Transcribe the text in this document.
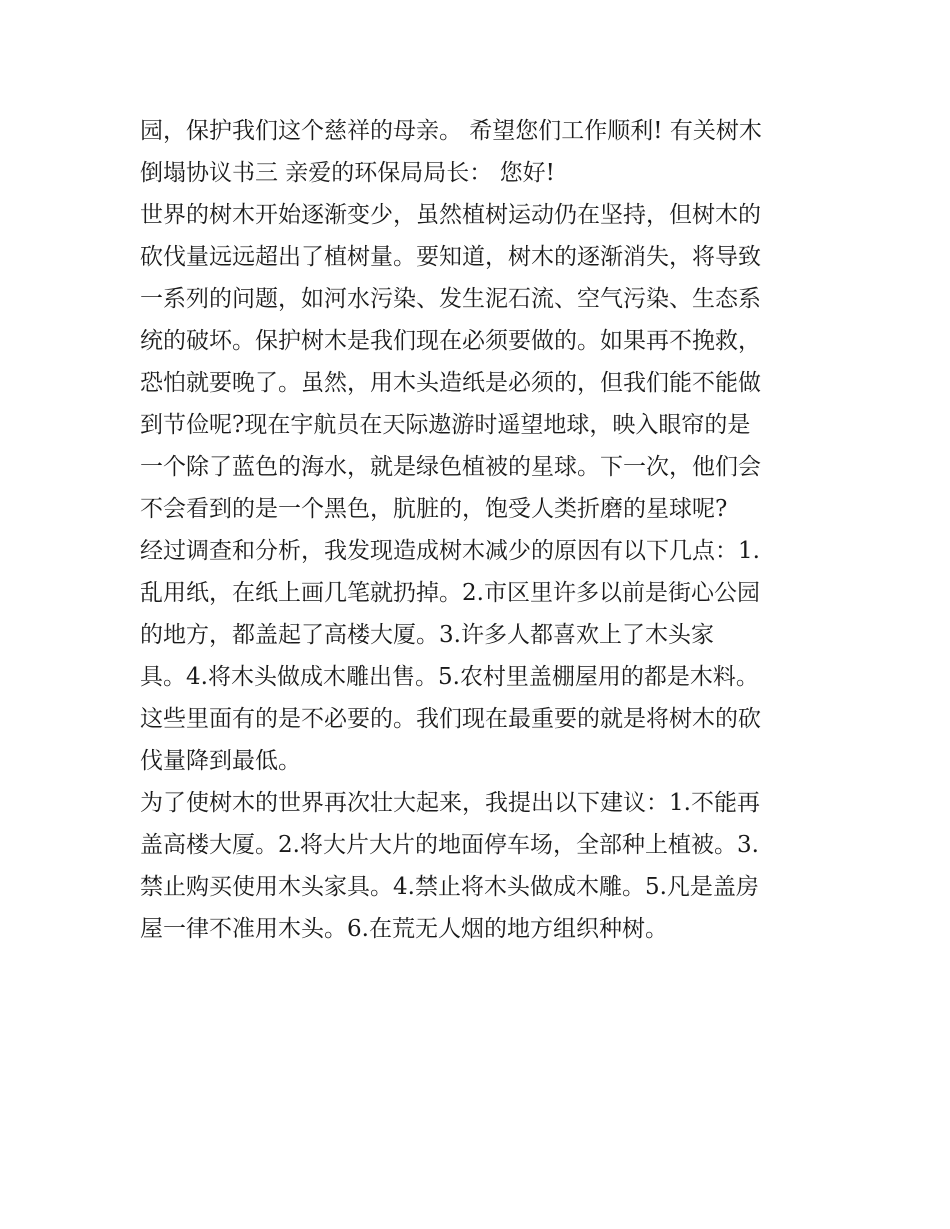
园，保护我们这个慈祥的母亲。 希望您们工作顺利! 有关树木
倒塌协议书三 亲爱的环保局局长： 您好!
世界的树木开始逐渐变少，虽然植树运动仍在坚持，但树木的
砍伐量远远超出了植树量。要知道，树木的逐渐消失，将导致
一系列的问题，如河水污染、发生泥石流、空气污染、生态系
统的破坏。保护树木是我们现在必须要做的。如果再不挽救，
恐怕就要晚了。虽然，用木头造纸是必须的，但我们能不能做
到节俭呢?现在宇航员在天际遨游时遥望地球，映入眼帘的是
一个除了蓝色的海水，就是绿色植被的星球。下一次，他们会
不会看到的是一个黑色，肮脏的，饱受人类折磨的星球呢?
经过调查和分析，我发现造成树木减少的原因有以下几点：1.
乱用纸，在纸上画几笔就扔掉。2.市区里许多以前是街心公园
的地方，都盖起了高楼大厦。3.许多人都喜欢上了木头家
具。4.将木头做成木雕出售。5.农村里盖棚屋用的都是木料。
这些里面有的是不必要的。我们现在最重要的就是将树木的砍
伐量降到最低。
为了使树木的世界再次壮大起来，我提出以下建议：1.不能再
盖高楼大厦。2.将大片大片的地面停车场，全部种上植被。3.
禁止购买使用木头家具。4.禁止将木头做成木雕。5.凡是盖房
屋一律不准用木头。6.在荒无人烟的地方组织种树。
